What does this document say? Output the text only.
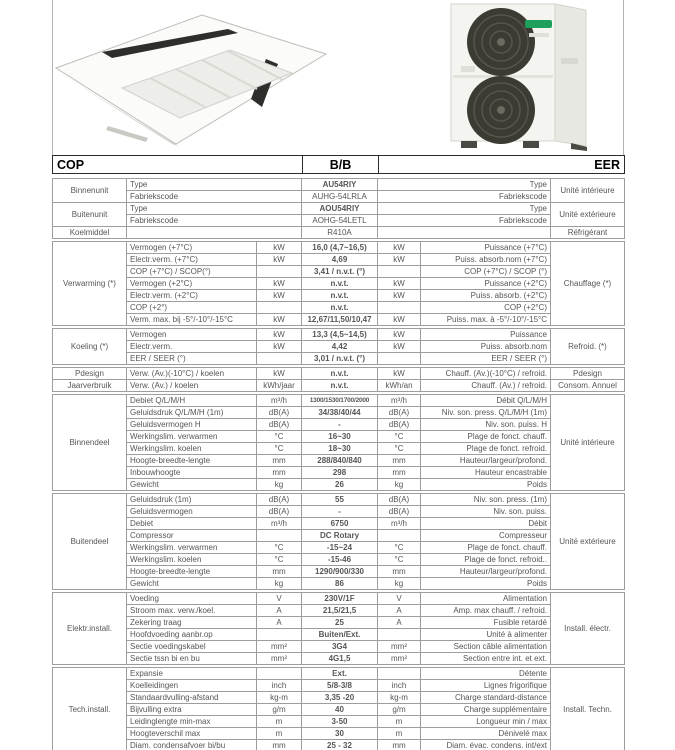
COP	B/B	EER
Binnenunit	Type	AU54RIY	Type	Unité intérieure
	Fabriekscode	AUHG-54LRLA	Fabriekscode	
Buitenunit	Type	AOU54RIY	Type	Unité extérieure
	Fabriekscode	AOHG-54LETL	Fabriekscode	
Koelmiddel		R410A		Réfrigérant
Verwarming (*)	Vermogen (+7°C)	kW	16,0 (4,7~16,5)	kW	Puissance (+7°C)	Chauffage (*)
	Electr.verm. (+7°C)	kW	4,69	kW	Puiss. absorb.nom (+7°C)	
	COP (+7°C) / SCOP(°)		3,41 / n.v.t. (°)		COP (+7°C) / SCOP (°)	
	Vermogen (+2°C)	kW	n.v.t.	kW	Puissance (+2°C)	
	Electr.verm. (+2°C)	kW	n.v.t.	kW	Puiss. absorb. (+2°C)	
	COP (+2°)		n.v.t.		COP (+2°C)	
	Verm. max. bij -5°/-10°/-15°C	kW	12,67/11,50/10,47	kW	Puiss. max. à -5°/-10°/-15°C	
Koeling (*)	Vermogen	kW	13,3 (4,5~14,5)	kW	Puissance	Refroid. (*)
	Electr.verm.	kW	4,42	kW	Puiss. absorb.nom	
	EER / SEER (°)		3,01 / n.v.t. (°)		EER / SEER (°)	
Pdesign	Verw. (Av.)(-10°C) / koelen	kW	n.v.t.	kW	Chauff. (Av.)(-10°C) / refroid.	Pdesign
Jaarverbruik	Verw. (Av.) / koelen	kWh/jaar	n.v.t.	kWh/an	Chauff. (Av.) / refroid.	Consom. Annuel
Binnendeel	Debiet Q/L/M/H	m³/h	1300/1530/1700/2000	m³/h	Débit Q/L/M/H	Unité intérieure
	Geluidsdruk Q/L/M/H (1m)	dB(A)	34/38/40/44	dB(A)	Niv. son. press. Q/L/M/H (1m)	
	Geluidsvermogen H	dB(A)	-	dB(A)	Niv. son. puiss. H	
	Werkingslim. verwarmen	°C	16~30	°C	Plage de fonct. chauff.	
	Werkingslim. koelen	°C	18~30	°C	Plage de fonct. refroid.	
	Hoogte-breedte-lengte	mm	288/840/840	mm	Hauteur/largeur/profond.	
	Inbouwhoogte	mm	298	mm	Hauteur encastrable	
	Gewicht	kg	26	kg	Poids	
Buitendeel	Geluidsdruk (1m)	dB(A)	55	dB(A)	Niv. son. press. (1m)	Unité extérieure
	Geluidsvermogen	dB(A)	-	dB(A)	Niv. son. puiss.	
	Debiet	m³/h	6750	m³/h	Débit	
	Compressor		DC Rotary		Compresseur	
	Werkingslim. verwarmen	°C	-15~24	°C	Plage de fonct. chauff.	
	Werkingslim. koelen	°C	-15-46	°C	Plage de fonct. refroid..	
	Hoogte-breedte-lengte	mm	1290/900/330	mm	Hauteur/largeur/profond.	
	Gewicht	kg	86	kg	Poids	
Elektr.install.	Voeding	V	230V/1F	V	Alimentation	Install. électr.
	Stroom max. verw./koel.	A	21,5/21,5	A	Amp. max chauff. / refroid.	
	Zekering traag	A	25	A	Fusible retardé	
	Hoofdvoeding aanbr.op		Buiten/Ext.		Unité à alimenter	
	Sectie voedingskabel	mm²	3G4	mm²	Section câble alimentation	
	Sectie tssn bi en bu	mm²	4G1,5	mm²	Section entre int. et ext.	
Tech.install.	Expansie		Ext.		Détente	Install. Techn.
	Koelleidingen	inch	5/8-3/8	inch	Lignes frigorifique	
	Standaardvulling-afstand	kg-m	3,35 -20	kg-m	Charge standard-distance	
	Bijvulling extra	g/m	40	g/m	Charge supplémentaire	
	Leidinglengte min-max	m	3-50	m	Longueur min / max	
	Hoogteverschil max	m	30	m	Dénivelé max	
	Diam. condensafvoer bi/bu	mm	25 - 32	mm	Diam. évac. condens. int/ext	
